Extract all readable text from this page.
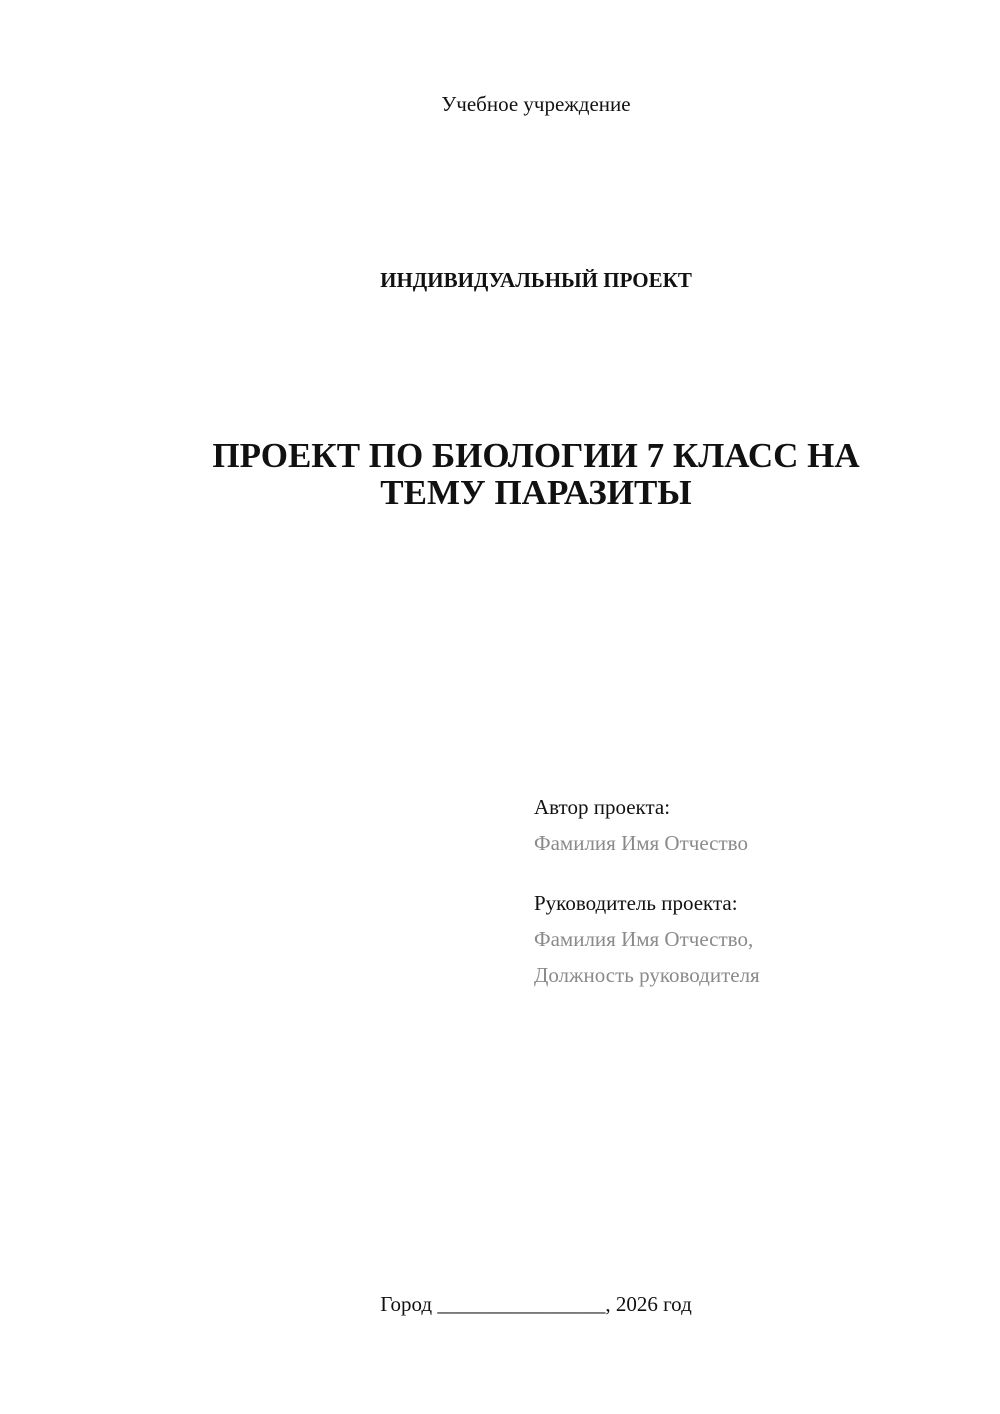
Учебное учреждение
ИНДИВИДУАЛЬНЫЙ ПРОЕКТ
ПРОЕКТ ПО БИОЛОГИИ 7 КЛАСС НА
ТЕМУ ПАРАЗИТЫ
Автор проекта:
Фамилия Имя Отчество
Руководитель проекта:
Фамилия Имя Отчество,
Должность руководителя
Город ________________, 2026 год
